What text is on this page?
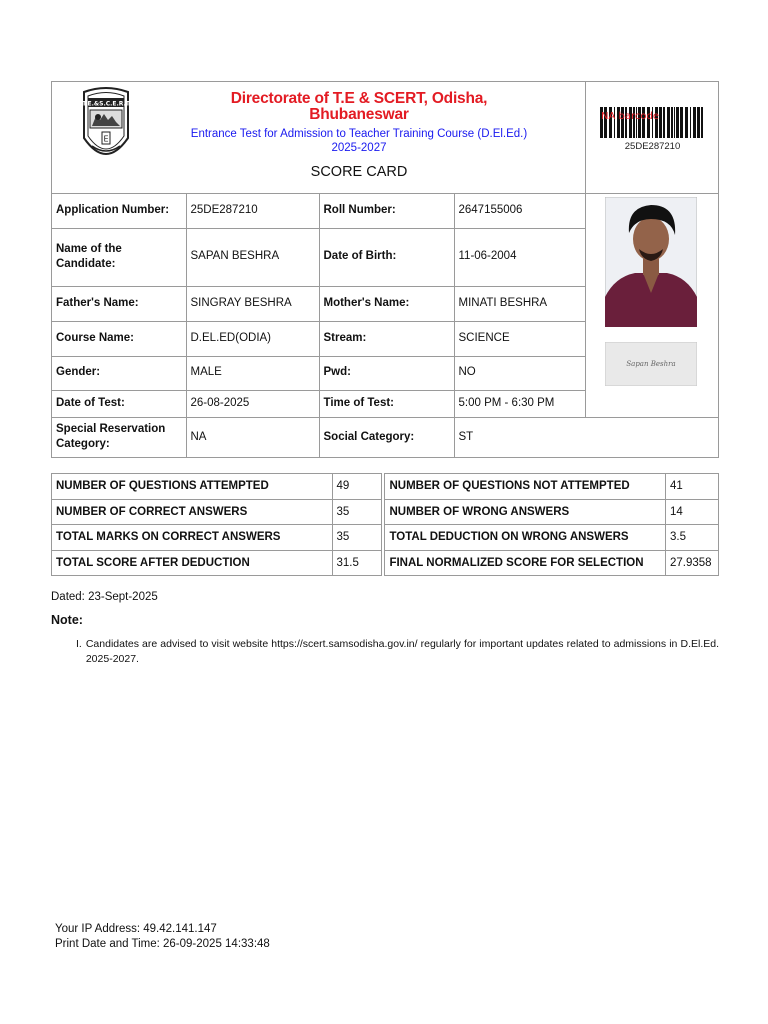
T.E.&S.C.E.R.T
E
Directorate of T.E & SCERT, Odisha, Bhubaneswar
Entrance Test for Admission to Teacher Training Course (D.El.Ed.) 2025-2027
SCORE CARD
NA barcode
25DE287210
Application Number:	25DE287210	Roll Number:	2647155006	Sapan Beshra

Name of the Candidate:	SAPAN BESHRA	Date of Birth:	11-06-2004	
Father's Name:	SINGRAY BESHRA	Mother's Name:	MINATI BESHRA	
Course Name:	D.EL.ED(ODIA)	Stream:	SCIENCE	
Gender:	MALE	Pwd:	NO	
Date of Test:	26-08-2025	Time of Test:	5:00 PM - 6:30 PM	
Special Reservation Category:	NA	Social Category:	ST	
NUMBER OF QUESTIONS ATTEMPTED	49		NUMBER OF QUESTIONS NOT ATTEMPTED	41
NUMBER OF CORRECT ANSWERS	35		NUMBER OF WRONG ANSWERS	14
TOTAL MARKS ON CORRECT ANSWERS	35		TOTAL DEDUCTION ON WRONG ANSWERS	3.5
TOTAL SCORE AFTER DEDUCTION	31.5		FINAL NORMALIZED SCORE FOR SELECTION	27.9358
Dated: 23-Sept-2025
Note:
I. Candidates are advised to visit website https://scert.samsodisha.gov.in/ regularly for important updates related to admissions in D.El.Ed. 2025-2027.
Your IP Address: 49.42.141.147
Print Date and Time: 26-09-2025 14:33:48
